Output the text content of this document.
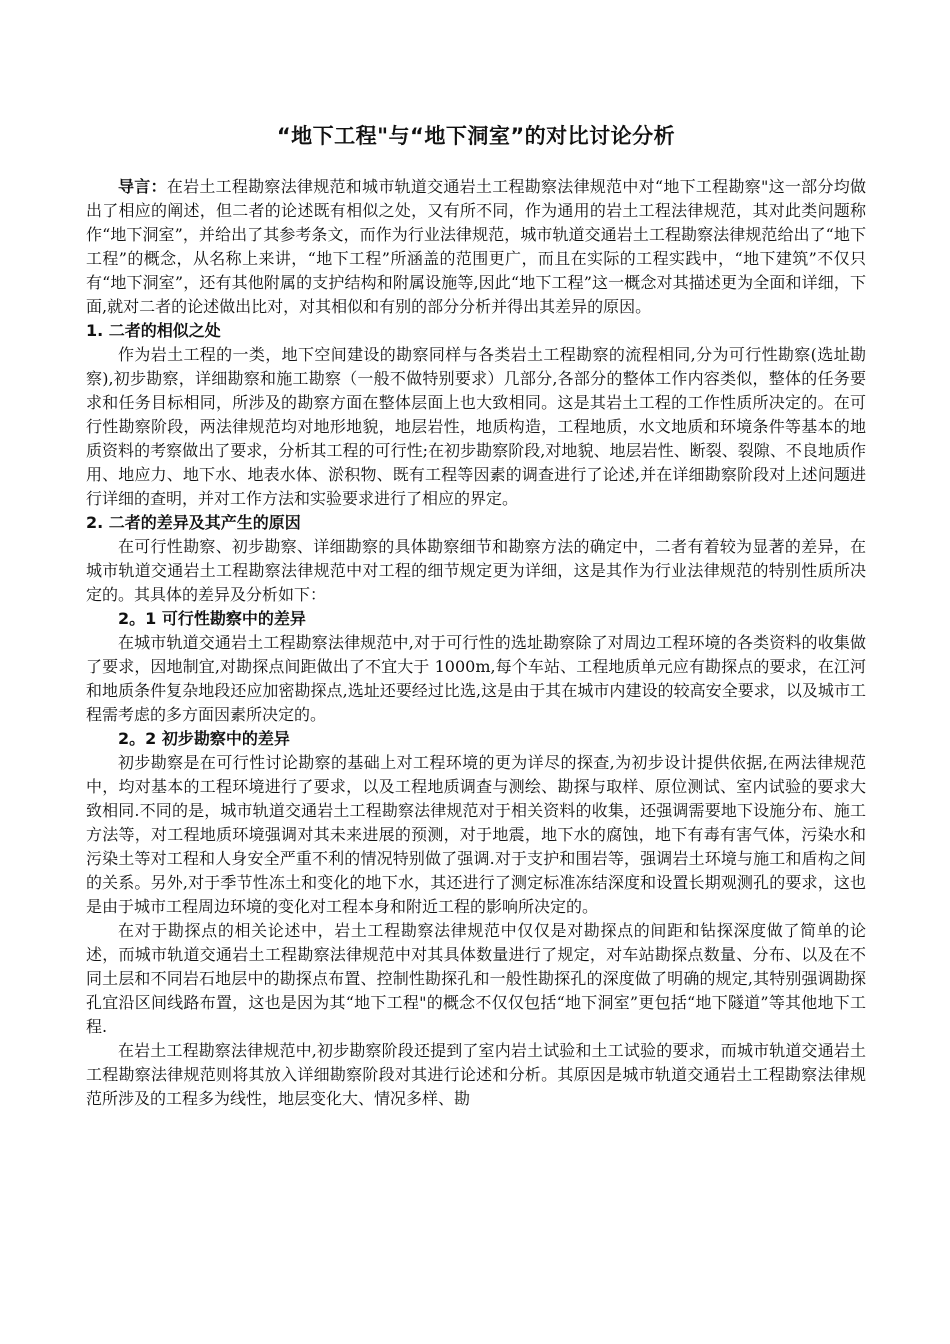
“地下工程"与“地下洞室”的对比讨论分析

导言：在岩土工程勘察法律规范和城市轨道交通岩土工程勘察法律规范中对“地下工程勘察"这一部分均做出了相应的阐述，但二者的论述既有相似之处，又有所不同，作为通用的岩土工程法律规范，其对此类问题称作“地下洞室”，并给出了其参考条文，而作为行业法律规范，城市轨道交通岩土工程勘察法律规范给出了“地下工程”的概念，从名称上来讲，“地下工程”所涵盖的范围更广，而且在实际的工程实践中，“地下建筑”不仅只有“地下洞室”，还有其他附属的支护结构和附属设施等,因此“地下工程”这一概念对其描述更为全面和详细，下面,就对二者的论述做出比对，对其相似和有别的部分分析并得出其差异的原因。

1. 二者的相似之处

作为岩土工程的一类，地下空间建设的勘察同样与各类岩土工程勘察的流程相同,分为可行性勘察(选址勘察),初步勘察，详细勘察和施工勘察（一般不做特别要求）几部分,各部分的整体工作内容类似，整体的任务要求和任务目标相同，所涉及的勘察方面在整体层面上也大致相同。这是其岩土工程的工作性质所决定的。在可行性勘察阶段，两法律规范均对地形地貌，地层岩性，地质构造，工程地质，水文地质和环境条件等基本的地质资料的考察做出了要求，分析其工程的可行性;在初步勘察阶段,对地貌、地层岩性、断裂、裂隙、不良地质作用、地应力、地下水、地表水体、淤积物、既有工程等因素的调查进行了论述,并在详细勘察阶段对上述问题进行详细的查明，并对工作方法和实验要求进行了相应的界定。

2. 二者的差异及其产生的原因

在可行性勘察、初步勘察、详细勘察的具体勘察细节和勘察方法的确定中，二者有着较为显著的差异，在城市轨道交通岩土工程勘察法律规范中对工程的细节规定更为详细，这是其作为行业法律规范的特别性质所决定的。其具体的差异及分析如下：

2。1 可行性勘察中的差异

在城市轨道交通岩土工程勘察法律规范中,对于可行性的选址勘察除了对周边工程环境的各类资料的收集做了要求，因地制宜,对勘探点间距做出了不宜大于 1000m,每个车站、工程地质单元应有勘探点的要求，在江河和地质条件复杂地段还应加密勘探点,选址还要经过比选,这是由于其在城市内建设的较高安全要求，以及城市工程需考虑的多方面因素所决定的。

2。2 初步勘察中的差异

初步勘察是在可行性讨论勘察的基础上对工程环境的更为详尽的探查,为初步设计提供依据,在两法律规范中，均对基本的工程环境进行了要求，以及工程地质调查与测绘、勘探与取样、原位测试、室内试验的要求大致相同.不同的是，城市轨道交通岩土工程勘察法律规范对于相关资料的收集，还强调需要地下设施分布、施工方法等，对工程地质环境强调对其未来进展的预测，对于地震，地下水的腐蚀，地下有毒有害气体，污染水和污染土等对工程和人身安全严重不利的情况特别做了强调.对于支护和围岩等，强调岩土环境与施工和盾构之间的关系。另外,对于季节性冻土和变化的地下水，其还进行了测定标准冻结深度和设置长期观测孔的要求，这也是由于城市工程周边环境的变化对工程本身和附近工程的影响所决定的。

在对于勘探点的相关论述中，岩土工程勘察法律规范中仅仅是对勘探点的间距和钻探深度做了简单的论述，而城市轨道交通岩土工程勘察法律规范中对其具体数量进行了规定，对车站勘探点数量、分布、以及在不同土层和不同岩石地层中的勘探点布置、控制性勘探孔和一般性勘探孔的深度做了明确的规定,其特别强调勘探孔宜沿区间线路布置，这也是因为其“地下工程"的概念不仅仅包括“地下洞室”更包括“地下隧道”等其他地下工程.

在岩土工程勘察法律规范中,初步勘察阶段还提到了室内岩土试验和土工试验的要求，而城市轨道交通岩土工程勘察法律规范则将其放入详细勘察阶段对其进行论述和分析。其原因是城市轨道交通岩土工程勘察法律规范所涉及的工程多为线性，地层变化大、情况多样、勘
